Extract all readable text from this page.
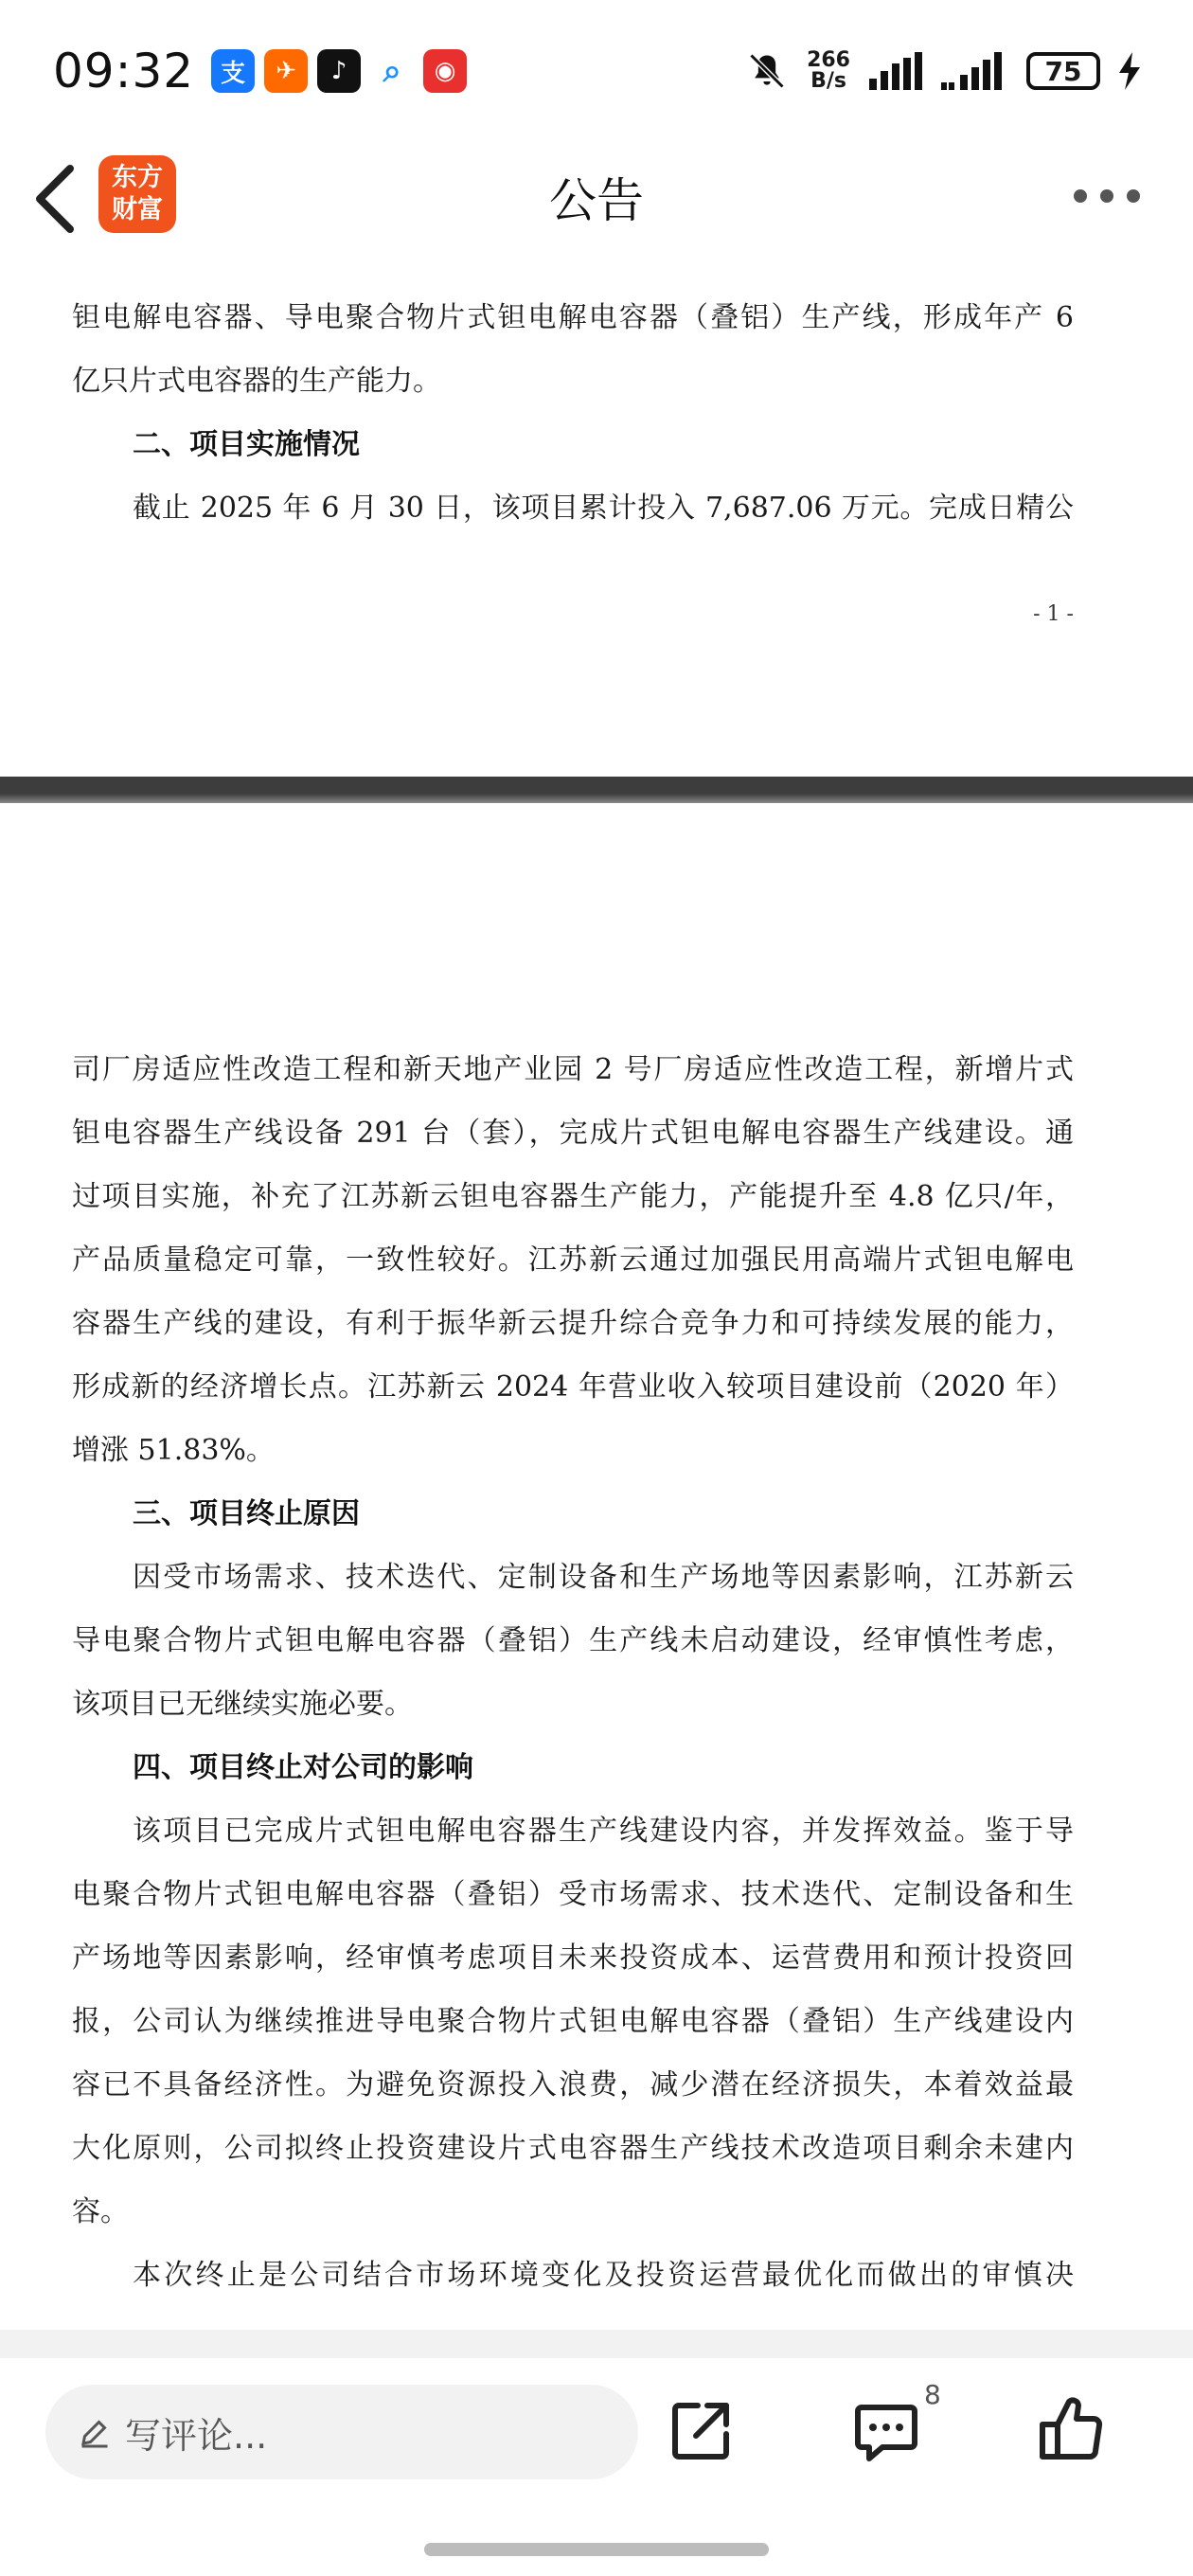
09:32	支	✈	♪	⌕	◉	266
B/s	75
东方
财富	公告
钽电解电容器、导电聚合物片式钽电解电容器（叠铝）生产线，形成年产 6
亿只片式电容器的生产能力。
二、项目实施情况
截止 2025 年 6 月 30 日，该项目累计投入 7,687.06 万元。完成日精公
- 1 -
司厂房适应性改造工程和新天地产业园 2 号厂房适应性改造工程，新增片式
钽电容器生产线设备 291 台（套），完成片式钽电解电容器生产线建设。通
过项目实施，补充了江苏新云钽电容器生产能力，产能提升至 4.8 亿只/年，
产品质量稳定可靠，一致性较好。江苏新云通过加强民用高端片式钽电解电
容器生产线的建设，有利于振华新云提升综合竞争力和可持续发展的能力，
形成新的经济增长点。江苏新云 2024 年营业收入较项目建设前（2020 年）
增涨 51.83%。
三、项目终止原因
因受市场需求、技术迭代、定制设备和生产场地等因素影响，江苏新云
导电聚合物片式钽电解电容器（叠铝）生产线未启动建设，经审慎性考虑，
该项目已无继续实施必要。
四、项目终止对公司的影响
该项目已完成片式钽电解电容器生产线建设内容，并发挥效益。鉴于导
电聚合物片式钽电解电容器（叠铝）受市场需求、技术迭代、定制设备和生
产场地等因素影响，经审慎考虑项目未来投资成本、运营费用和预计投资回
报，公司认为继续推进导电聚合物片式钽电解电容器（叠铝）生产线建设内
容已不具备经济性。为避免资源投入浪费，减少潜在经济损失，本着效益最
大化原则，公司拟终止投资建设片式电容器生产线技术改造项目剩余未建内
容。
本次终止是公司结合市场环境变化及投资运营最优化而做出的审慎决
写评论...
8
